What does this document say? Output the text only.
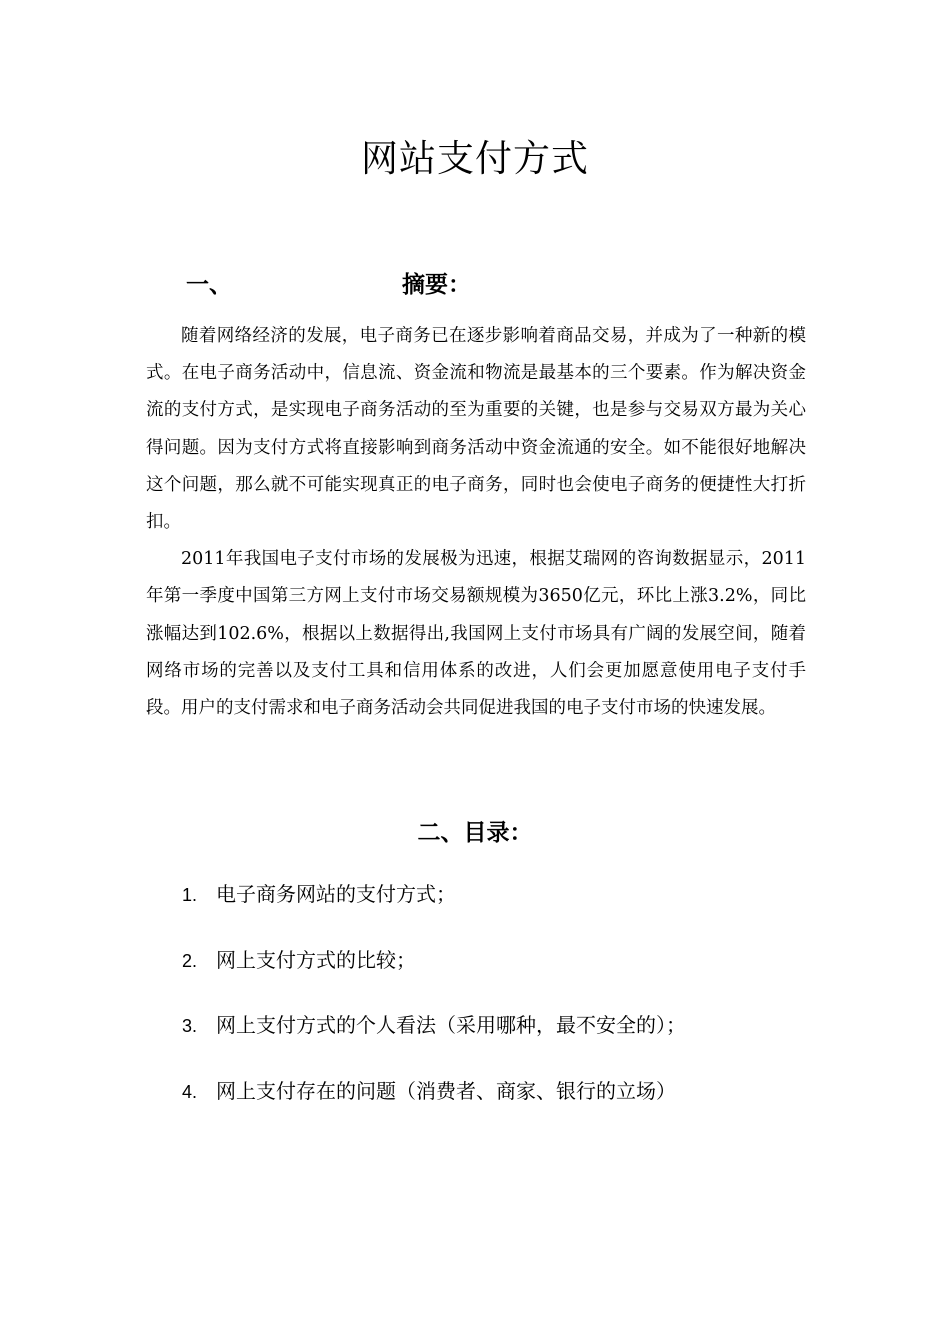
网站支付方式
一、	摘要：

随着网络经济的发展，电子商务已在逐步影响着商品交易，并成为了一种新的模式。在电子商务活动中，信息流、资金流和物流是最基本的三个要素。作为解决资金流的支付方式，是实现电子商务活动的至为重要的关键，也是参与交易双方最为关心得问题。因为支付方式将直接影响到商务活动中资金流通的安全。如不能很好地解决这个问题，那么就不可能实现真正的电子商务，同时也会使电子商务的便捷性大打折扣。

2011年我国电子支付市场的发展极为迅速，根据艾瑞网的咨询数据显示，2011年第一季度中国第三方网上支付市场交易额规模为3650亿元，环比上涨3.2%，同比涨幅达到102.6%，根据以上数据得出,我国网上支付市场具有广阔的发展空间，随着网络市场的完善以及支付工具和信用体系的改进，人们会更加愿意使用电子支付手段。用户的支付需求和电子商务活动会共同促进我国的电子支付市场的快速发展。

二、目录：
1. 电子商务网站的支付方式；
2. 网上支付方式的比较；
3. 网上支付方式的个人看法（采用哪种，最不安全的）；
4. 网上支付存在的问题（消费者、商家、银行的立场）
